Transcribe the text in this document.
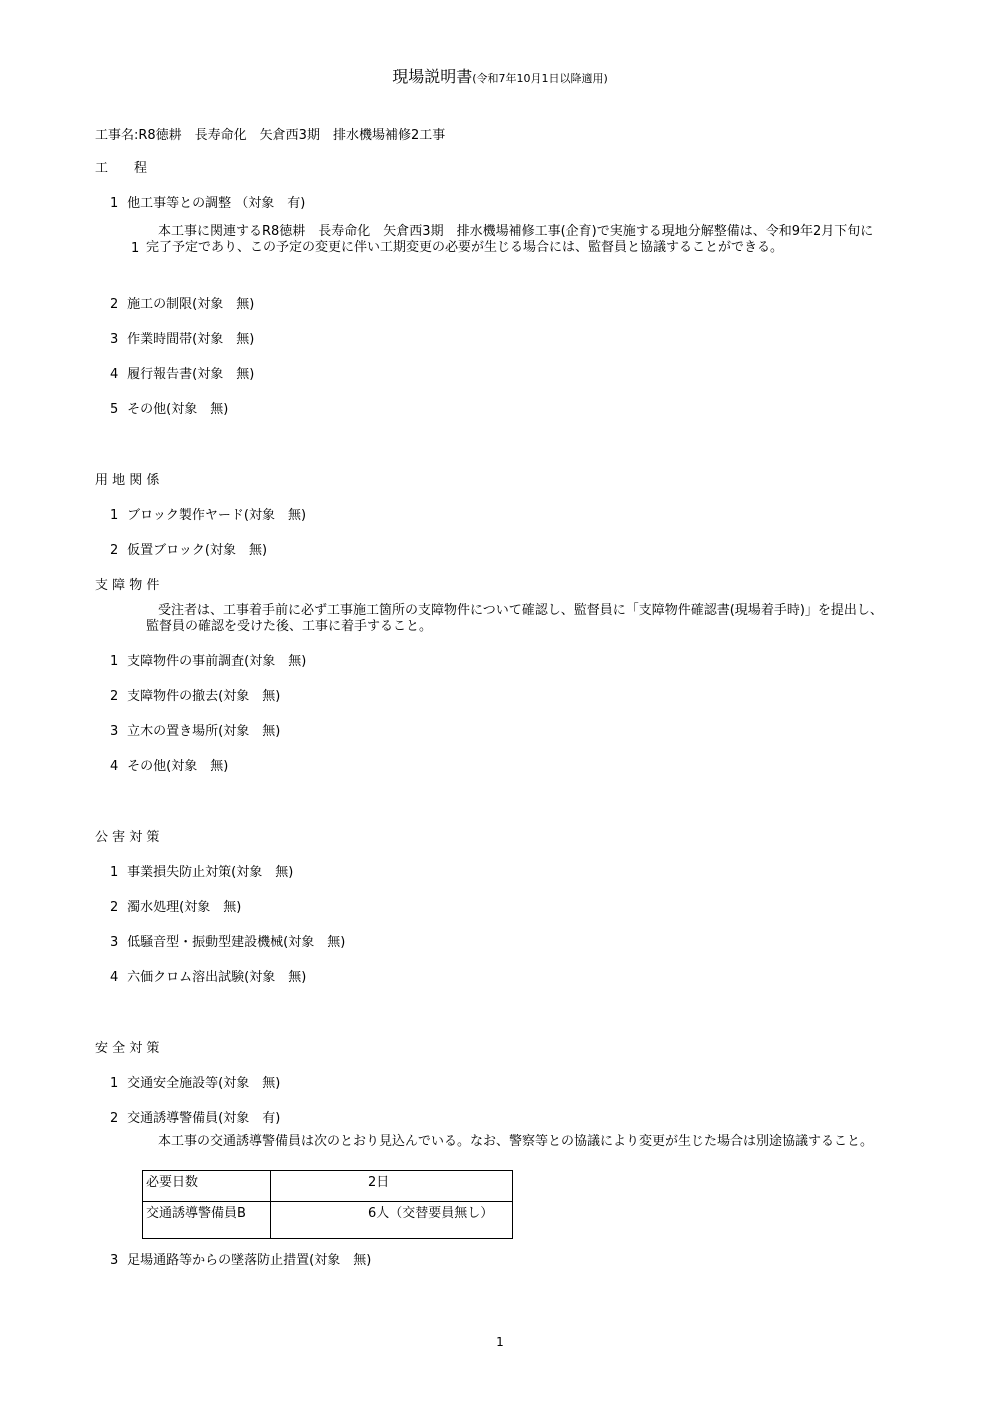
現場説明書(令和7年10月1日以降適用)
工事名:R8徳耕　長寿命化　矢倉西3期　排水機場補修2工事
工　　程
1 他工事等との調整 （対象　有)
1
本工事に関連するR8徳耕　長寿命化　矢倉西3期　排水機場補修工事(企育)で実施する現地分解整備は、令和9年2月下旬に完了予定であり、この予定の変更に伴い工期変更の必要が生じる場合には、監督員と協議することができる。
2 施工の制限(対象　無)
3 作業時間帯(対象　無)
4 履行報告書(対象　無)
5 その他(対象　無)
用 地 関 係
1 ブロック製作ヤード(対象　無)
2 仮置ブロック(対象　無)
支 障 物 件
受注者は、工事着手前に必ず工事施工箇所の支障物件について確認し、監督員に「支障物件確認書(現場着手時)」を提出し、監督員の確認を受けた後、工事に着手すること。
1 支障物件の事前調査(対象　無)
2 支障物件の撤去(対象　無)
3 立木の置き場所(対象　無)
4 その他(対象　無)
公 害 対 策
1 事業損失防止対策(対象　無)
2 濁水処理(対象　無)
3 低騒音型・振動型建設機械(対象　無)
4 六価クロム溶出試験(対象　無)
安 全 対 策
1 交通安全施設等(対象　無)
2 交通誘導警備員(対象　有)
本工事の交通誘導警備員は次のとおり見込んでいる。なお、警察等との協議により変更が生じた場合は別途協議すること。
必要日数	2日
交通誘導警備員B	6人（交替要員無し）
3 足場通路等からの墜落防止措置(対象　無)
1
